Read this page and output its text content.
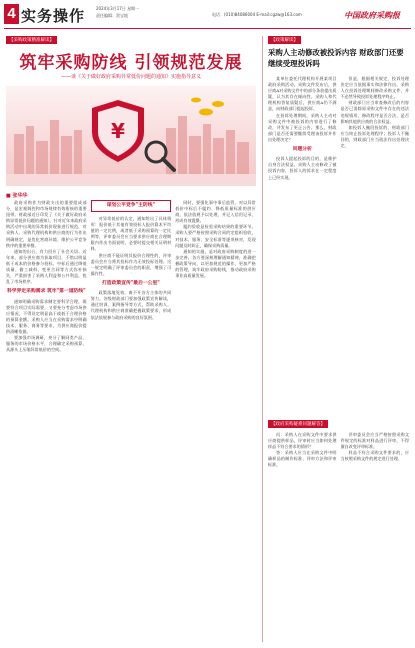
4 实务操作	2024年3月17日 星期一
责任编辑：贺宝地	电话：(010)84086004 E-mail:cgzw@163.com	中国政府采购报
【采购政策精准解读】
筑牢采购防线 引领规范发展
——谈《关于做好政府采购异常低价问题的通知》实施指导意义
¥
■ 张华华

政府采购作为财政支出的重要组成部分，是宏观调控和市场规律有效衔接的重要纽带。财政部近日印发了《关于做好政府采购异常低价问题的通知》，针对近年来政府采购活动中出现的异常低价现象进行规范，对采购人、采购代理机构和供应商的行为作出明确规定，是优化营商环境、维护公平竞争秩序的重要举措。

通知的出台，有力回应了社会关切。近年来，部分供应商为获取项目，不惜以明显低于成本的价格参与投标，中标后通过降低质量、偷工减料、变更合同等方式弥补损失，严重损害了采购人利益和公共利益，扰乱了市场秩序。

科学界定采购需求 筑牢"第一道防线"

通知明确采购需求制定要科学合理，既要符合项目实际需要，又要充分考虑市场供应情况，不得设定明显高于或低于合理价格的预算金额。采购人应当在采购需求中明确技术、服务、商务等要求，为供应商报价提供清晰依据。

要加强市场调研，充分了解同类产品、服务的市场价格水平，合理确定采购预算，从源头上压缩异常低价的空间。

谋划公平竞争"主防线"

对异常低价的认定，通知给出了具体情形：报价低于其他有效投标人报价算术平均值的一定比例，或者低于采购预算的一定比例等，评审委员会应当要求供应商在合理期限内作出书面说明，必要时提交相关证明材料。

供应商不能证明其报价合理性的，评审委员会应当将其投标作为无效投标处理。这一规定明确了评审委员会的职责，增强了可操作性。

打造政策宣传"最后一公里"

政策落地见效，离不开各方主体的共同努力。各级财政部门要加强政策宣传解读，通过培训、案例指导等方式，帮助采购人、代理机构和供应商准确把握政策要求，形成依法依规参与政府采购的良好氛围。

同时，要强化事中事后监管，对以异常低价中标后不履约、降低质量标准的供应商，依法依规予以处理，并记入信用记录，形成有效震慑。

履约验收是检验采购结果的重要环节。采购人要严格按照采购合同约定组织验收，对技术、服务、安全标准等逐项核对，发现问题及时纠正，确保采购质量。

通知的实施，是对政府采购制度的进一步完善。各方要深刻理解通知精神，准确把握政策导向，以更加规范的操作、更加严格的管理，筑牢政府采购防线，推动政府采购事业高质量发展。

【政策解读】
采购人主动修改被投诉内容 财政部门还要继续受理投诉吗

某单位委托代理机构开展某项目政府采购活动。采购文件发布后，供应商A对采购文件中的部分条款提出质疑，认为其存在倾向性。采购人和代理机构答复质疑后，供应商A仍不满意，向财政部门提起投诉。

在投诉处理期间，采购人主动对采购文件中被投诉的内容进行了修改，并发布了更正公告。那么，财政部门是否还需要继续受理该投诉并作出处理决定？

问题分析

投诉人提起投诉的目的，是维护自身合法权益。采购人主动修改了被投诉内容，投诉人的诉求在一定程度上已经实现。

但是，根据相关规定，投诉处理决定应当依据事实和法律作出。采购人在投诉处理期间修改采购文件，并不必然导致投诉处理程序终止。

财政部门应当审查修改后的内容是否已消除原采购文件中存在的违法违规情形，修改程序是否合法，是否影响其他供应商的合法权益。

如投诉人撤回投诉的，财政部门应当终止投诉处理程序；投诉人不撤回的，财政部门应当依法作出处理决定。

【政府采购疑难问题解答】

问：采购人在采购文件中要求供应商提供样品，评审时应当如何处理样品不符合要求的情形？

答：采购人应当在采购文件中明确样品的制作标准、评审方法和评审标准。

评审委员会应当严格按照采购文件规定的标准对样品进行评审，不得擅自改变评审标准。

样品不符合采购文件要求的，应当按照采购文件的规定进行处理。
